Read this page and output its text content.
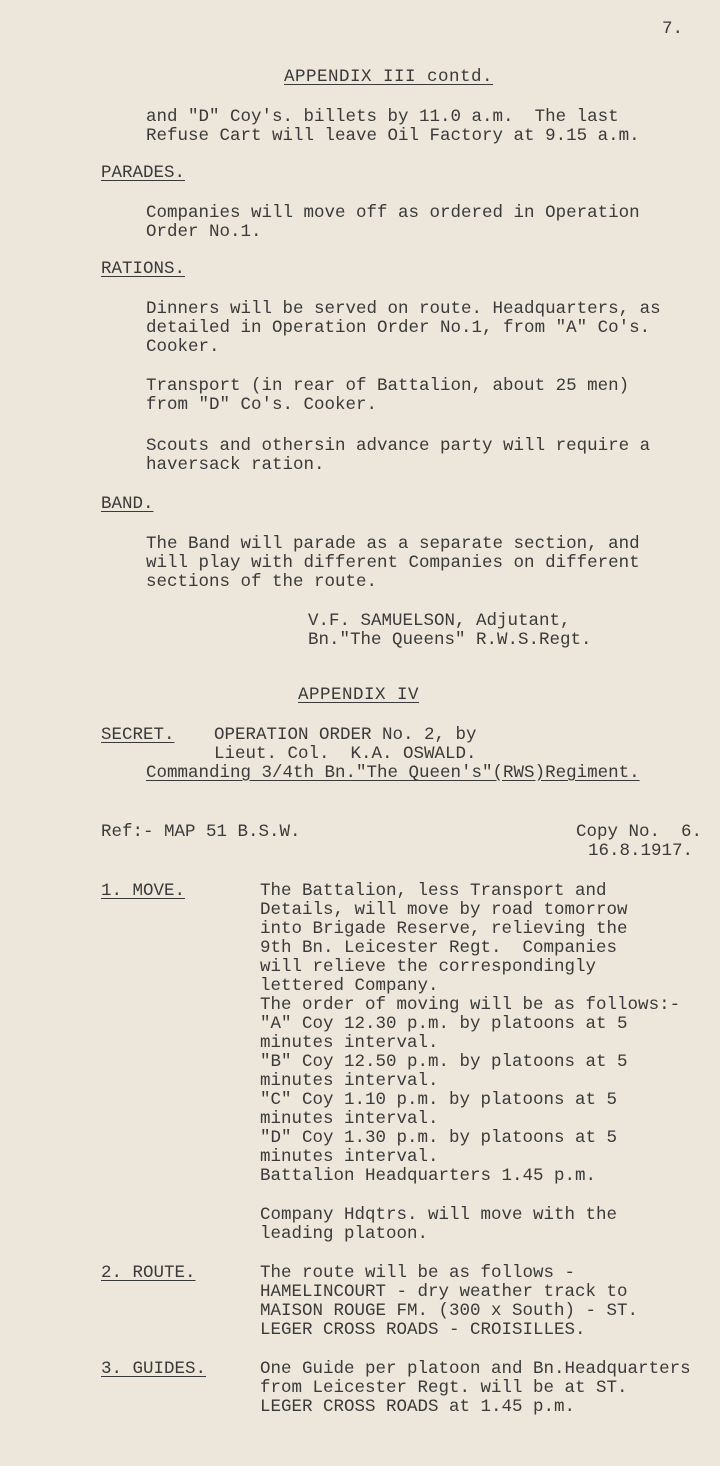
7.

APPENDIX III contd.

and "D" Coy's. billets by 11.0 a.m.  The last

Refuse Cart will leave Oil Factory at 9.15 a.m.

PARADES.

Companies will move off as ordered in Operation

Order No.1.

RATIONS.

Dinners will be served on route. Headquarters, as

detailed in Operation Order No.1, from "A" Co's.

Cooker.

Transport (in rear of Battalion, about 25 men)

from "D" Co's. Cooker.

Scouts and othersin advance party will require a

haversack ration.

BAND.

The Band will parade as a separate section, and

will play with different Companies on different

sections of the route.

V.F. SAMUELSON, Adjutant,

Bn."The Queens" R.W.S.Regt.

APPENDIX IV

SECRET. OPERATION ORDER No. 2, by

Lieut. Col.  K.A. OSWALD.

Commanding 3/4th Bn."The Queen's"(RWS)Regiment.

Ref:- MAP 51 B.S.W.	Copy No.  6.

16.8.1917.

1. MOVE.	The Battalion, less Transport and

Details, will move by road tomorrow

into Brigade Reserve, relieving the

9th Bn. Leicester Regt.  Companies

will relieve the correspondingly

lettered Company.

The order of moving will be as follows:-

"A" Coy 12.30 p.m. by platoons at 5

minutes interval.

"B" Coy 12.50 p.m. by platoons at 5

minutes interval.

"C" Coy 1.10 p.m. by platoons at 5

minutes interval.

"D" Coy 1.30 p.m. by platoons at 5

minutes interval.

Battalion Headquarters 1.45 p.m.

Company Hdqtrs. will move with the

leading platoon.

2. ROUTE.	The route will be as follows -

HAMELINCOURT - dry weather track to

MAISON ROUGE FM. (300 x South) - ST.

LEGER CROSS ROADS - CROISILLES.

3. GUIDES.	One Guide per platoon and Bn.Headquarters

from Leicester Regt. will be at ST.

LEGER CROSS ROADS at 1.45 p.m.
